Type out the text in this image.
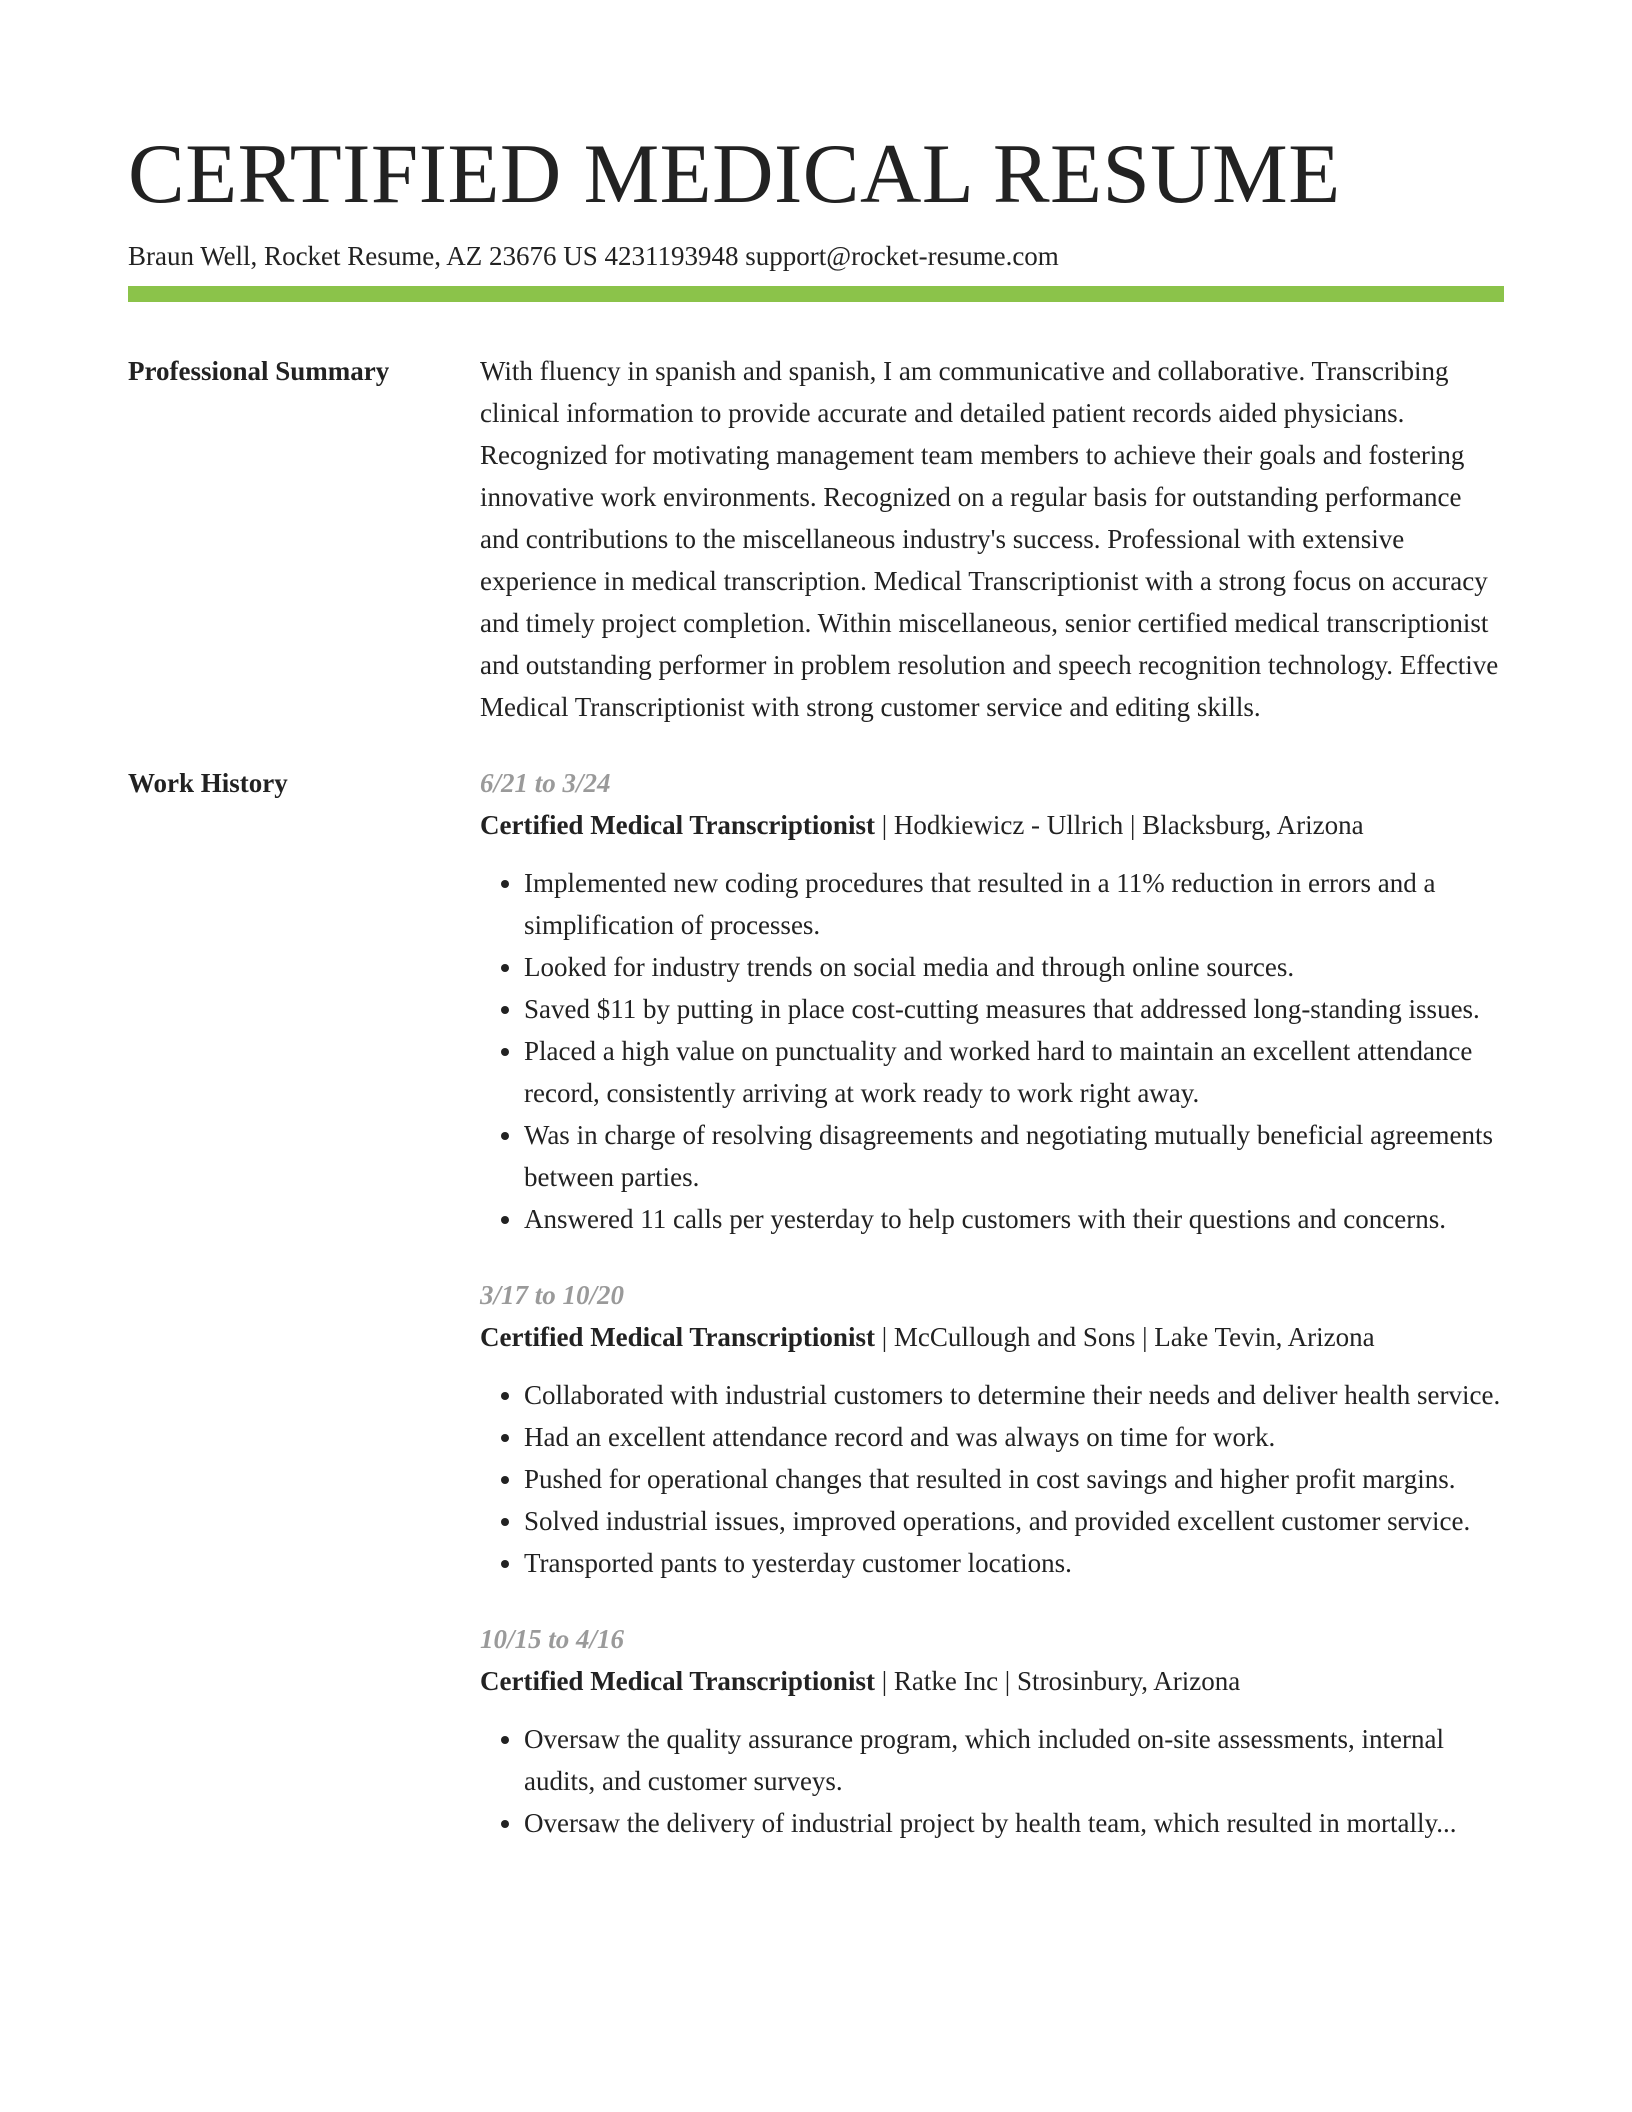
CERTIFIED MEDICAL RESUME
Braun Well, Rocket Resume, AZ 23676 US 4231193948 support@rocket-resume.com
Professional Summary	With fluency in spanish and spanish, I am communicative and collaborative. Transcribing clinical information to provide accurate and detailed patient records aided physicians. Recognized for motivating management team members to achieve their goals and fostering innovative work environments. Recognized on a regular basis for outstanding performance and contributions to the miscellaneous industry's success. Professional with extensive experience in medical transcription. Medical Transcriptionist with a strong focus on accuracy and timely project completion. Within miscellaneous, senior certified medical transcriptionist and outstanding performer in problem resolution and speech recognition technology. Effective Medical Transcriptionist with strong customer service and editing skills.

Work History	6/21 to 3/24
Certified Medical Transcriptionist | Hodkiewicz - Ullrich | Blacksburg, Arizona
• Implemented new coding procedures that resulted in a 11% reduction in errors and a simplification of processes.
• Looked for industry trends on social media and through online sources.
• Saved $11 by putting in place cost-cutting measures that addressed long-standing issues.
• Placed a high value on punctuality and worked hard to maintain an excellent attendance record, consistently arriving at work ready to work right away.
• Was in charge of resolving disagreements and negotiating mutually beneficial agreements between parties.
• Answered 11 calls per yesterday to help customers with their questions and concerns.
3/17 to 10/20
Certified Medical Transcriptionist | McCullough and Sons | Lake Tevin, Arizona
• Collaborated with industrial customers to determine their needs and deliver health service.
• Had an excellent attendance record and was always on time for work.
• Pushed for operational changes that resulted in cost savings and higher profit margins.
• Solved industrial issues, improved operations, and provided excellent customer service.
• Transported pants to yesterday customer locations.
10/15 to 4/16
Certified Medical Transcriptionist | Ratke Inc | Strosinbury, Arizona
• Oversaw the quality assurance program, which included on-site assessments, internal audits, and customer surveys.
• Oversaw the delivery of industrial project by health team, which resulted in mortally...
